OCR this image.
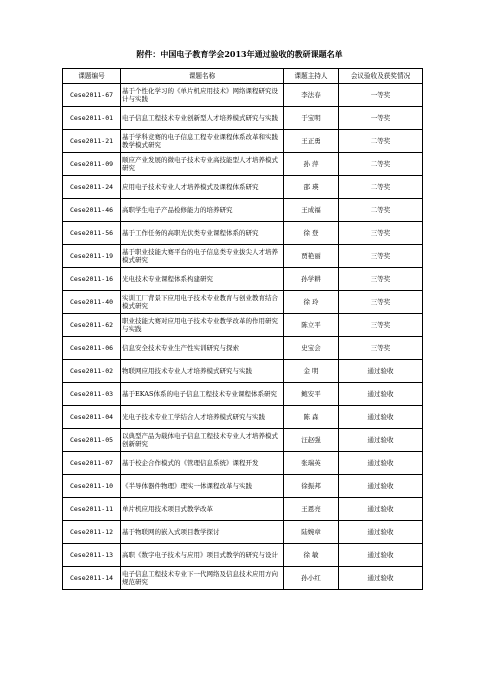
附件：中国电子教育学会2013年通过验收的教研课题名单
课题编号	课题名称	课题主持人	会议验收及获奖情况
Cese2011-67	基于个性化学习的《单片机应用技术》网络课程研究设计与实践	李法春	一等奖
Cese2011-01	电子信息工程技术专业创新型人才培养模式研究与实践	于宝明	一等奖
Cese2011-21	基于学科竞赛的电子信息工程专业课程体系改革和实践教学模式研究	王正勇	二等奖
Cese2011-09	顺应产业发展的微电子技术专业高技能型人才培养模式研究	孙 萍	二等奖
Cese2011-24	应用电子技术专业人才培养模式及课程体系研究	邵 瑛	二等奖
Cese2011-46	高职学生电子产品检修能力的培养研究	王成福	二等奖
Cese2011-56	基于工作任务的高职光伏类专业课程体系的研究	徐 登	三等奖
Cese2011-19	基于职业技能大赛平台的电子信息类专业拔尖人才培养模式研究	贾艳丽	三等奖
Cese2011-16	光电技术专业课程体系构建研究	孙学耕	三等奖
Cese2011-40	实训工厂背景下应用电子技术专业教育与创业教育结合模式研究	徐 玲	三等奖
Cese2011-62	职业技能大赛对应用电子技术专业教学改革的作用研究与实践	陈立平	三等奖
Cese2011-06	信息安全技术专业生产性实训研究与探索	史宝会	三等奖
Cese2011-02	物联网应用技术专业人才培养模式研究与实践	金 明	通过验收
Cese2011-03	基于EKAS体系的电子信息工程技术专业课程体系研究	鲍安平	通过验收
Cese2011-04	光电子技术专业工学结合人才培养模式研究与实践	陈 森	通过验收
Cese2011-05	以典型产品为载体电子信息工程技术专业人才培养模式创新研究	汪赵强	通过验收
Cese2011-07	基于校企合作模式的《管理信息系统》课程开发	张瑞英	通过验收
Cese2011-10	《半导体器件物理》理实一体课程改革与实践	徐振邦	通过验收
Cese2011-11	单片机应用技术项目式教学改革	王恩亮	通过验收
Cese2011-12	基于物联网的嵌入式项目教学探讨	陆婉章	通过验收
Cese2011-13	高职《数字电子技术与应用》项目式教学的研究与设计	徐 敏	通过验收
Cese2011-14	电子信息工程技术专业下一代网络及信息技术应用方向规范研究	孙小红	通过验收
